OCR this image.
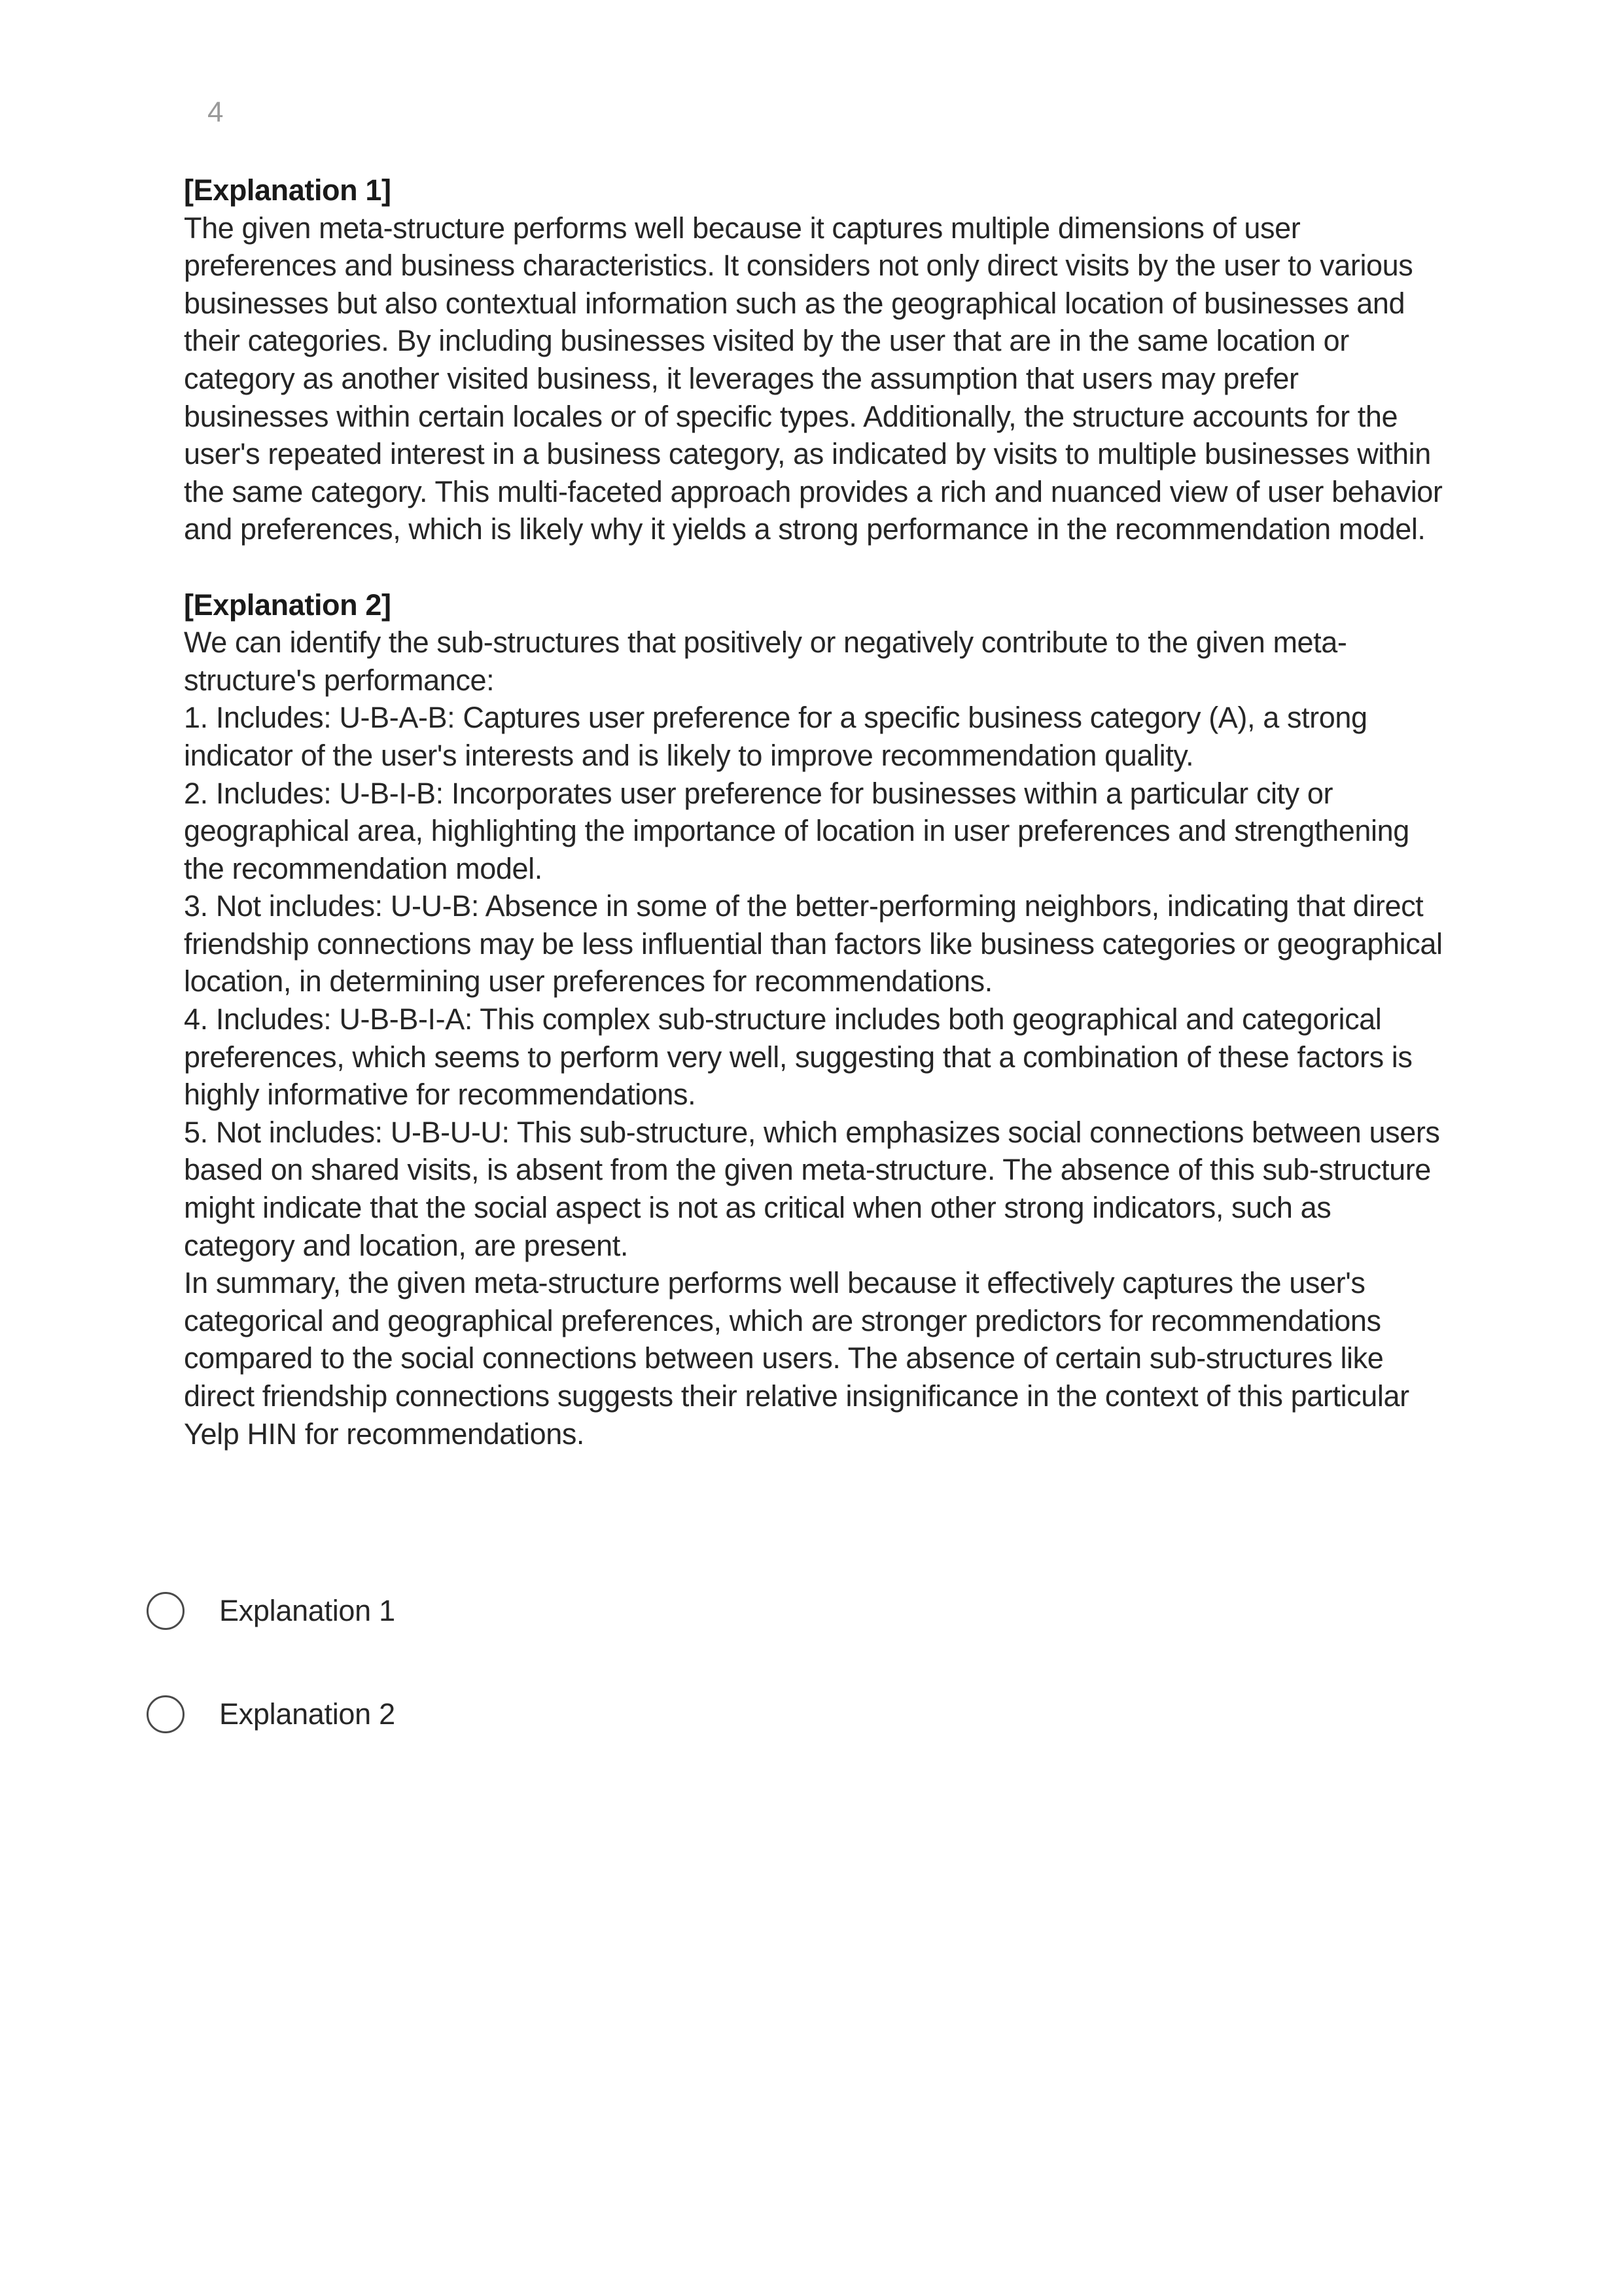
4

[Explanation 1]

The given meta-structure performs well because it captures multiple dimensions of user preferences and business characteristics. It considers not only direct visits by the user to various businesses but also contextual information such as the geographical location of businesses and their categories. By including businesses visited by the user that are in the same location or category as another visited business, it leverages the assumption that users may prefer businesses within certain locales or of specific types. Additionally, the structure accounts for the user's repeated interest in a business category, as indicated by visits to multiple businesses within the same category. This multi-faceted approach provides a rich and nuanced view of user behavior and preferences, which is likely why it yields a strong performance in the recommendation model.

[Explanation 2]

We can identify the sub-structures that positively or negatively contribute to the given meta-structure's performance:

1. Includes: U-B-A-B: Captures user preference for a specific business category (A), a strong indicator of the user's interests and is likely to improve recommendation quality.

2. Includes: U-B-I-B: Incorporates user preference for businesses within a particular city or geographical area, highlighting the importance of location in user preferences and strengthening the recommendation model.

3. Not includes: U-U-B: Absence in some of the better-performing neighbors, indicating that direct friendship connections may be less influential than factors like business categories or geographical location, in determining user preferences for recommendations.

4. Includes: U-B-B-I-A: This complex sub-structure includes both geographical and categorical preferences, which seems to perform very well, suggesting that a combination of these factors is highly informative for recommendations.

5. Not includes: U-B-U-U: This sub-structure, which emphasizes social connections between users based on shared visits, is absent from the given meta-structure. The absence of this sub-structure might indicate that the social aspect is not as critical when other strong indicators, such as category and location, are present.

In summary, the given meta-structure performs well because it effectively captures the user's categorical and geographical preferences, which are stronger predictors for recommendations compared to the social connections between users. The absence of certain sub-structures like direct friendship connections suggests their relative insignificance in the context of this particular Yelp HIN for recommendations.

Explanation 1
Explanation 2
